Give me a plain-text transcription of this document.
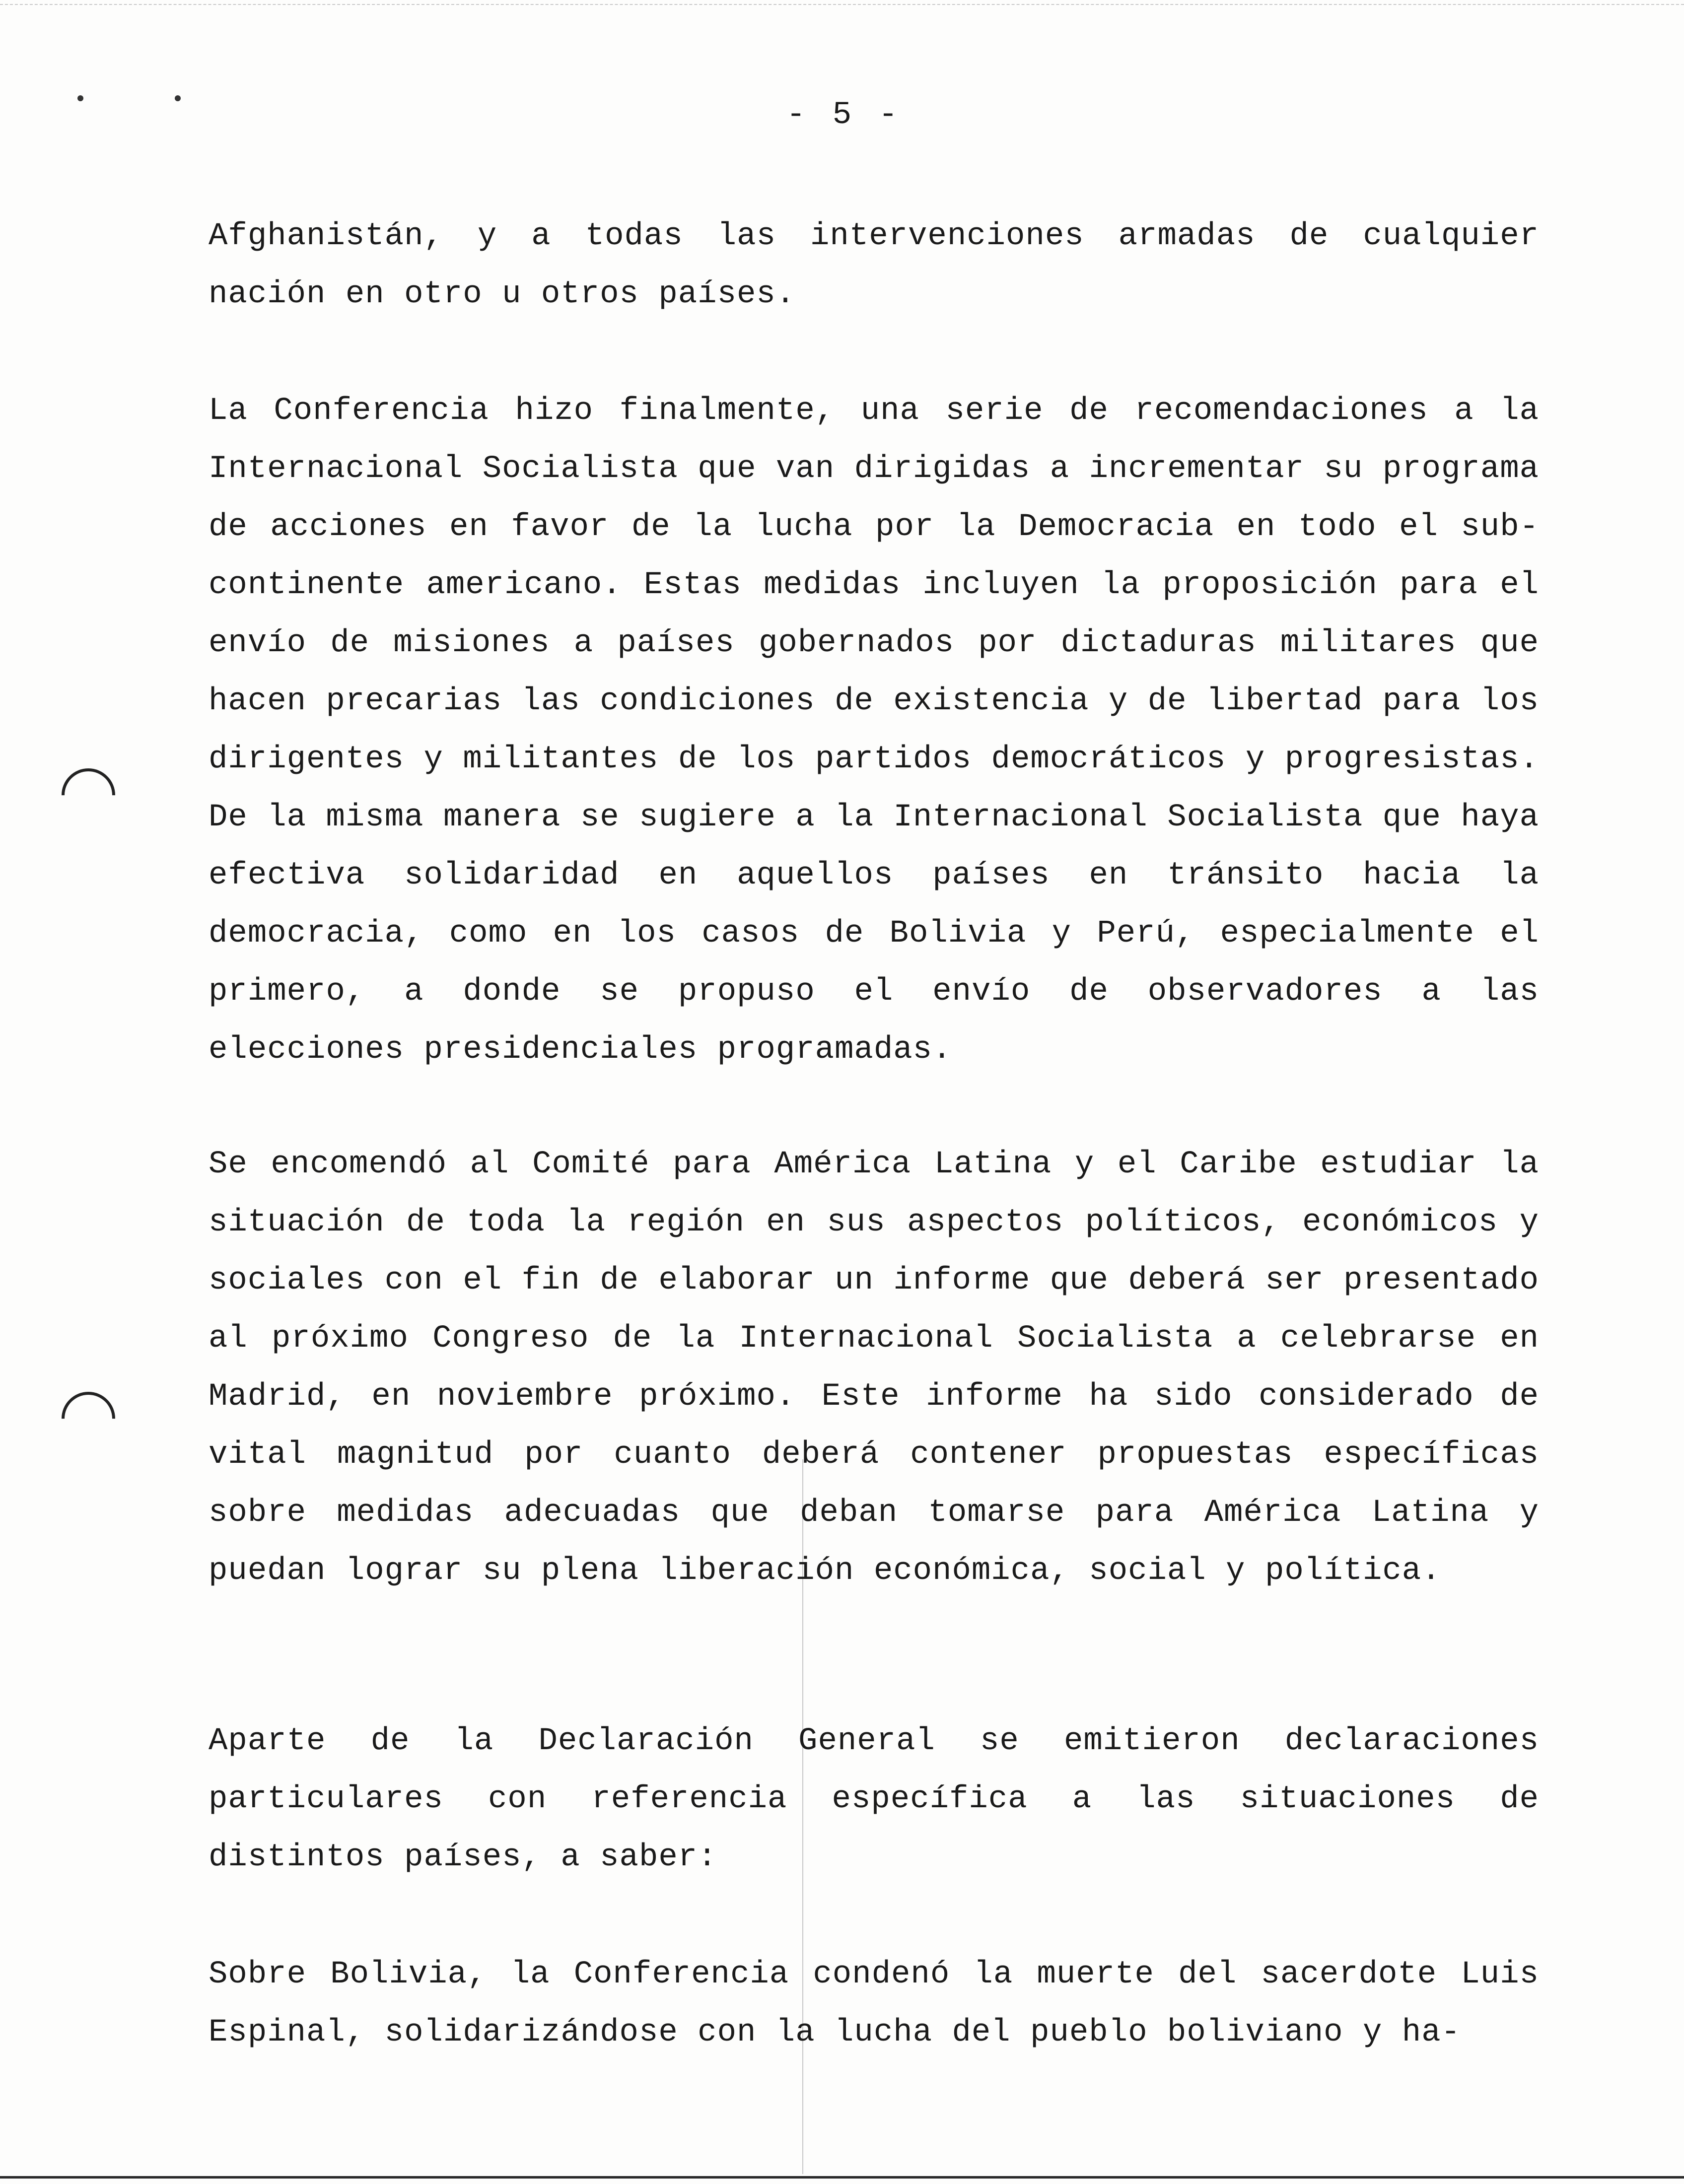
- 5 -

Afghanistán, y a todas las intervenciones armadas de cualquier nación en otro u otros países.

La Conferencia hizo finalmente, una serie de recomendaciones a la Internacional Socialista que van dirigidas a incrementar su programa de acciones en favor de la lucha por la Democracia en todo el sub-continente americano. Estas medidas incluyen la proposición para el envío de misiones a países gobernados por dictaduras militares que hacen precarias las condiciones de existencia y de libertad para los dirigentes y militantes de los partidos democráticos y progresistas. De la misma manera se sugiere a la Internacional Socialista que haya efectiva solidaridad en aquellos países en tránsito hacia la democracia, como en los casos de Bolivia y Perú, especialmente el primero, a donde se propuso el envío de observadores a las elecciones presidenciales programadas.

Se encomendó al Comité para América Latina y el Caribe estudiar la situación de toda la región en sus aspectos políticos, económicos y sociales con el fin de elaborar un informe que deberá ser presentado al próximo Congreso de la Internacional Socialista a celebrarse en Madrid, en noviembre próximo. Este informe ha sido considerado de vital magnitud por cuanto deberá contener propuestas específicas sobre medidas adecuadas que deban tomarse para América Latina y puedan lograr su plena liberación económica, social y política.

Aparte de la Declaración General se emitieron declaraciones particulares con referencia específica a las situaciones de distintos países, a saber:

Sobre Bolivia, la Conferencia condenó la muerte del sacerdote Luis Espinal, solidarizándose con la lucha del pueblo boliviano y ha-
